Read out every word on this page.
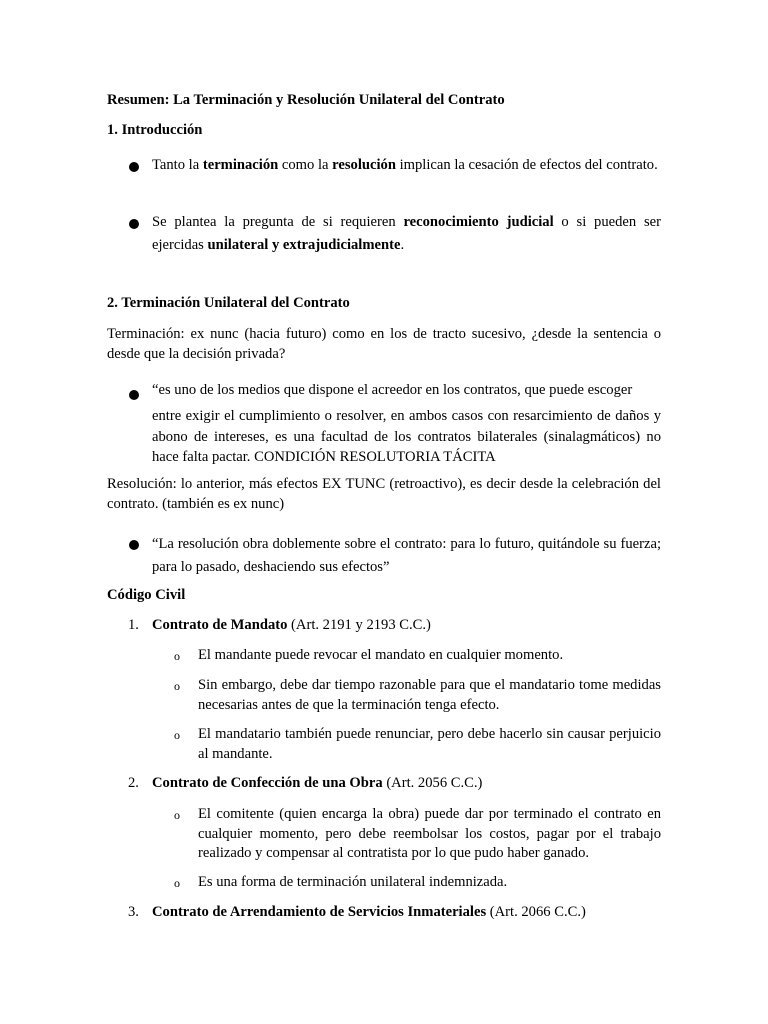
Resumen: La Terminación y Resolución Unilateral del Contrato
1. Introducción
Tanto la terminación como la resolución implican la cesación de efectos del contrato.
Se plantea la pregunta de si requieren reconocimiento judicial o si pueden ser ejercidas unilateral y extrajudicialmente.
2. Terminación Unilateral del Contrato
Terminación: ex nunc (hacia futuro) como en los de tracto sucesivo, ¿desde la sentencia o desde que la decisión privada?
“es uno de los medios que dispone el acreedor en los contratos, que puede escoger
entre exigir el cumplimiento o resolver, en ambos casos con resarcimiento de daños y abono de intereses, es una facultad de los contratos bilaterales (sinalagmáticos) no hace falta pactar. CONDICIÓN RESOLUTORIA TÁCITA
Resolución: lo anterior, más efectos EX TUNC (retroactivo), es decir desde la celebración del contrato. (también es ex nunc)
“La resolución obra doblemente sobre el contrato: para lo futuro, quitándole su fuerza; para lo pasado, deshaciendo sus efectos”
Código Civil
1. Contrato de Mandato (Art. 2191 y 2193 C.C.)
o El mandante puede revocar el mandato en cualquier momento.
o Sin embargo, debe dar tiempo razonable para que el mandatario tome medidas necesarias antes de que la terminación tenga efecto.
o El mandatario también puede renunciar, pero debe hacerlo sin causar perjuicio al mandante.
2. Contrato de Confección de una Obra (Art. 2056 C.C.)
o El comitente (quien encarga la obra) puede dar por terminado el contrato en cualquier momento, pero debe reembolsar los costos, pagar por el trabajo realizado y compensar al contratista por lo que pudo haber ganado.
o Es una forma de terminación unilateral indemnizada.
3. Contrato de Arrendamiento de Servicios Inmateriales (Art. 2066 C.C.)
